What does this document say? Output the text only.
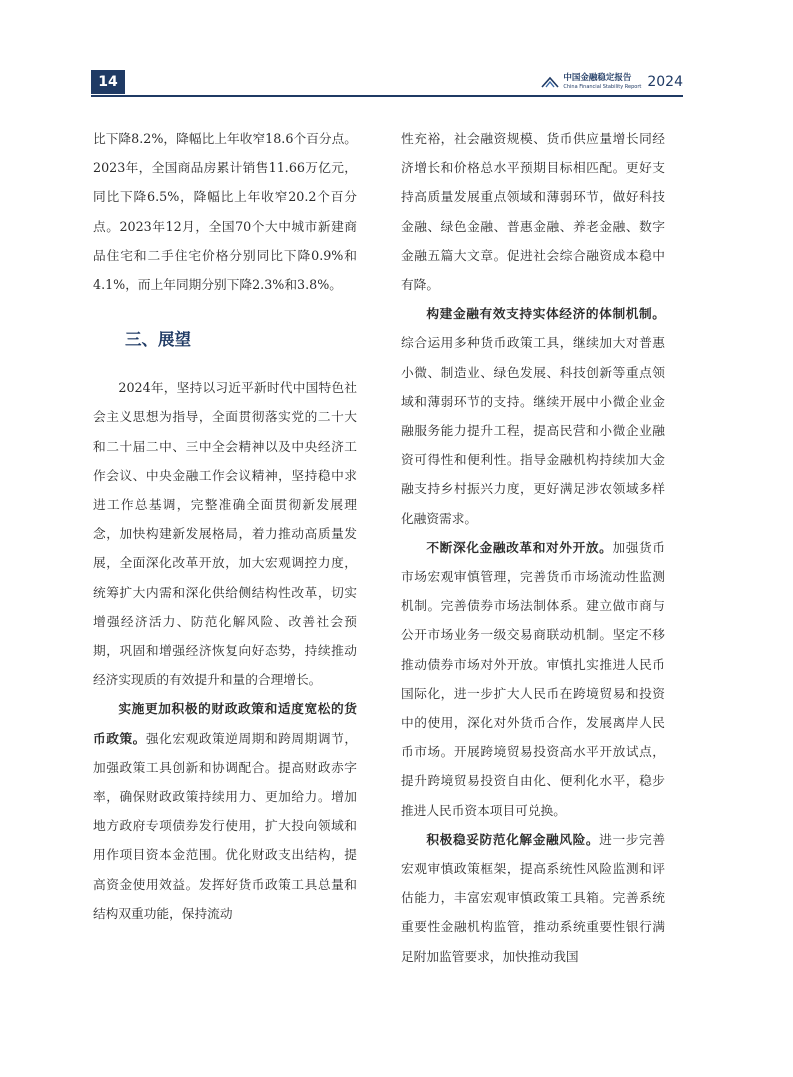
14	中国金融稳定报告
China Financial Stability Report 2024

比下降8.2%，降幅比上年收窄18.6个百分点。2023年，全国商品房累计销售11.66万亿元，同比下降6.5%，降幅比上年收窄20.2个百分点。2023年12月，全国70个大中城市新建商品住宅和二手住宅价格分别同比下降0.9%和4.1%，而上年同期分别下降2.3%和3.8%。

三、展望

2024年，坚持以习近平新时代中国特色社会主义思想为指导，全面贯彻落实党的二十大和二十届二中、三中全会精神以及中央经济工作会议、中央金融工作会议精神，坚持稳中求进工作总基调，完整准确全面贯彻新发展理念，加快构建新发展格局，着力推动高质量发展，全面深化改革开放，加大宏观调控力度，统筹扩大内需和深化供给侧结构性改革，切实增强经济活力、防范化解风险、改善社会预期，巩固和增强经济恢复向好态势，持续推动经济实现质的有效提升和量的合理增长。

实施更加积极的财政政策和适度宽松的货币政策。强化宏观政策逆周期和跨周期调节，加强政策工具创新和协调配合。提高财政赤字率，确保财政政策持续用力、更加给力。增加地方政府专项债券发行使用，扩大投向领域和用作项目资本金范围。优化财政支出结构，提高资金使用效益。发挥好货币政策工具总量和结构双重功能，保持流动

性充裕，社会融资规模、货币供应量增长同经济增长和价格总水平预期目标相匹配。更好支持高质量发展重点领域和薄弱环节，做好科技金融、绿色金融、普惠金融、养老金融、数字金融五篇大文章。促进社会综合融资成本稳中有降。

构建金融有效支持实体经济的体制机制。综合运用多种货币政策工具，继续加大对普惠小微、制造业、绿色发展、科技创新等重点领域和薄弱环节的支持。继续开展中小微企业金融服务能力提升工程，提高民营和小微企业融资可得性和便利性。指导金融机构持续加大金融支持乡村振兴力度，更好满足涉农领域多样化融资需求。

不断深化金融改革和对外开放。加强货币市场宏观审慎管理，完善货币市场流动性监测机制。完善债券市场法制体系。建立做市商与公开市场业务一级交易商联动机制。坚定不移推动债券市场对外开放。审慎扎实推进人民币国际化，进一步扩大人民币在跨境贸易和投资中的使用，深化对外货币合作，发展离岸人民币市场。开展跨境贸易投资高水平开放试点，提升跨境贸易投资自由化、便利化水平，稳步推进人民币资本项目可兑换。

积极稳妥防范化解金融风险。进一步完善宏观审慎政策框架，提高系统性风险监测和评估能力，丰富宏观审慎政策工具箱。完善系统重要性金融机构监管，推动系统重要性银行满足附加监管要求，加快推动我国
